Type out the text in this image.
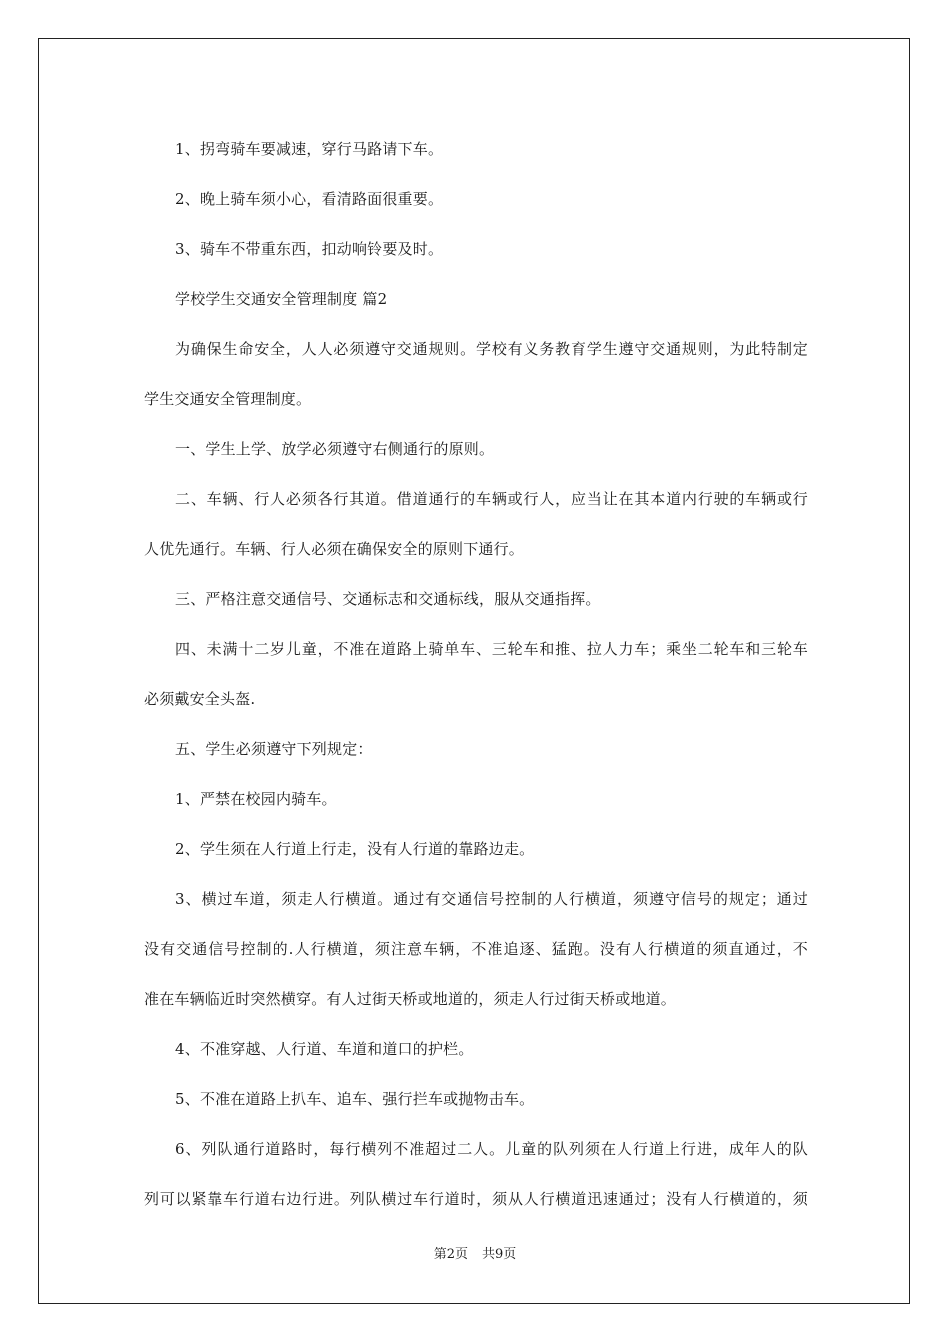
1、拐弯骑车要减速，穿行马路请下车。
2、晚上骑车须小心，看清路面很重要。
3、骑车不带重东西，扣动响铃要及时。
学校学生交通安全管理制度 篇2
为确保生命安全，人人必须遵守交通规则。学校有义务教育学生遵守交通规则，为此特制定
学生交通安全管理制度。
一、学生上学、放学必须遵守右侧通行的原则。
二、车辆、行人必须各行其道。借道通行的车辆或行人，应当让在其本道内行驶的车辆或行
人优先通行。车辆、行人必须在确保安全的原则下通行。
三、严格注意交通信号、交通标志和交通标线，服从交通指挥。
四、未满十二岁儿童，不准在道路上骑单车、三轮车和推、拉人力车；乘坐二轮车和三轮车
必须戴安全头盔.
五、学生必须遵守下列规定：
1、严禁在校园内骑车。
2、学生须在人行道上行走，没有人行道的靠路边走。
3、横过车道，须走人行横道。通过有交通信号控制的人行横道，须遵守信号的规定；通过
没有交通信号控制的.人行横道，须注意车辆，不准追逐、猛跑。没有人行横道的须直通过，不
准在车辆临近时突然横穿。有人过街天桥或地道的，须走人行过街天桥或地道。
4、不准穿越、人行道、车道和道口的护栏。
5、不准在道路上扒车、追车、强行拦车或抛物击车。
6、列队通行道路时，每行横列不准超过二人。儿童的队列须在人行道上行进，成年人的队
列可以紧靠车行道右边行进。列队横过车行道时，须从人行横道迅速通过；没有人行横道的，须
第2页 共9页
